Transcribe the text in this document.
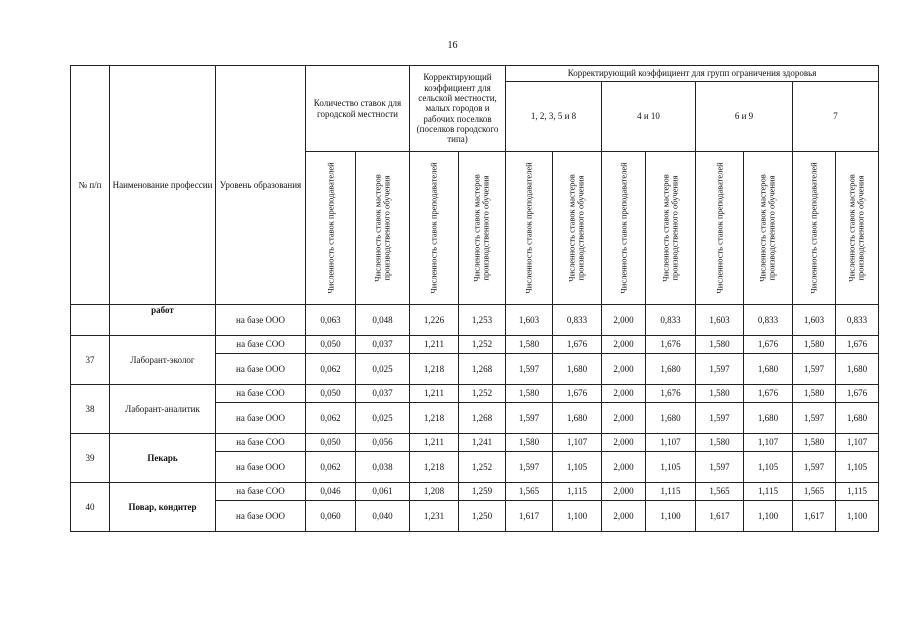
16
№ п/п	Наименование профессии	Уровень образования	Количество ставок для городской местности		Корректирующий коэффициент для сельской местности, малых городов и рабочих поселков (поселков городского типа)		Корректирующий коэффициент для групп ограничения здоровья							
							1, 2, 3, 5 и 8		4 и 10		6 и 9		7	

			Численность ставок преподавателей	Численность ставок мастеров производственного обучения	Численность ставок преподавателей	Численность ставок мастеров производственного обучения	Численность ставок преподавателей	Численность ставок мастеров производственного обучения	Численность ставок преподавателей	Численность ставок мастеров производственного обучения	Численность ставок преподавателей	Численность ставок мастеров производственного обучения	Численность ставок преподавателей	Численность ставок мастеров производственного обучения

	работ	на базе ООО	0,063	0,048	1,226	1,253	1,603	0,833	2,000	0,833	1,603	0,833	1,603	0,833
37	Лаборант-эколог	на базе СОО	0,050	0,037	1,211	1,252	1,580	1,676	2,000	1,676	1,580	1,676	1,580	1,676
		на базе ООО	0,062	0,025	1,218	1,268	1,597	1,680	2,000	1,680	1,597	1,680	1,597	1,680
38	Лаборант-аналитик	на базе СОО	0,050	0,037	1,211	1,252	1,580	1,676	2,000	1,676	1,580	1,676	1,580	1,676
		на базе ООО	0,062	0,025	1,218	1,268	1,597	1,680	2,000	1,680	1,597	1,680	1,597	1,680
39	Пекарь	на базе СОО	0,050	0,056	1,211	1,241	1,580	1,107	2,000	1,107	1,580	1,107	1,580	1,107
		на базе ООО	0,062	0,038	1,218	1,252	1,597	1,105	2,000	1,105	1,597	1,105	1,597	1,105
40	Повар, кондитер	на базе СОО	0,046	0,061	1,208	1,259	1,565	1,115	2,000	1,115	1,565	1,115	1,565	1,115
		на базе ООО	0,060	0,040	1,231	1,250	1,617	1,100	2,000	1,100	1,617	1,100	1,617	1,100
